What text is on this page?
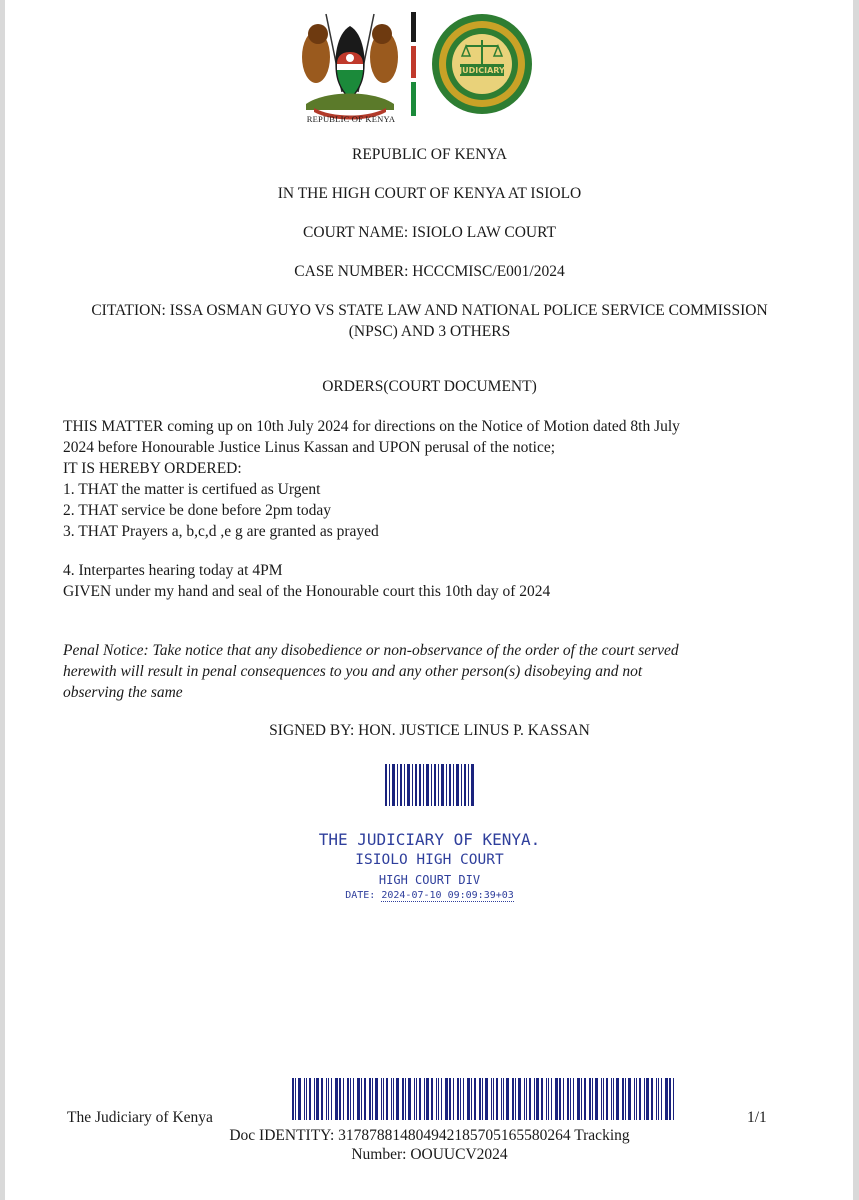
REPUBLIC OF KENYA
JUDICIARY
REPUBLIC OF KENYA
IN THE HIGH COURT OF KENYA AT ISIOLO
COURT NAME: ISIOLO LAW COURT
CASE NUMBER: HCCCMISC/E001/2024
CITATION: ISSA OSMAN GUYO VS STATE LAW AND NATIONAL POLICE SERVICE COMMISSION
(NPSC) AND 3 OTHERS
ORDERS(COURT DOCUMENT)
THIS MATTER coming up on 10th July 2024 for directions on the Notice of Motion dated 8th July
2024 before Honourable Justice Linus Kassan and UPON perusal of the notice;
IT IS HEREBY ORDERED:
1. THAT the matter is certifued as Urgent
2. THAT service be done before 2pm today
3. THAT Prayers a, b,c,d ,e g are granted as prayed
4. Interpartes hearing today at 4PM
GIVEN under my hand and seal of the Honourable court this 10th day of 2024
Penal Notice: Take notice that any disobedience or non-observance of the order of the court served
herewith will result in penal consequences to you and any other person(s) disobeying and not
observing the same
SIGNED BY: HON. JUSTICE LINUS P. KASSAN
THE JUDICIARY OF KENYA.
ISIOLO HIGH COURT
HIGH COURT DIV
DATE: 2024-07-10 09:09:39+03
The Judiciary of Kenya
Doc IDENTITY: 317878814804942185705165580264 Tracking
Number: OOUUCV2024
1/1
